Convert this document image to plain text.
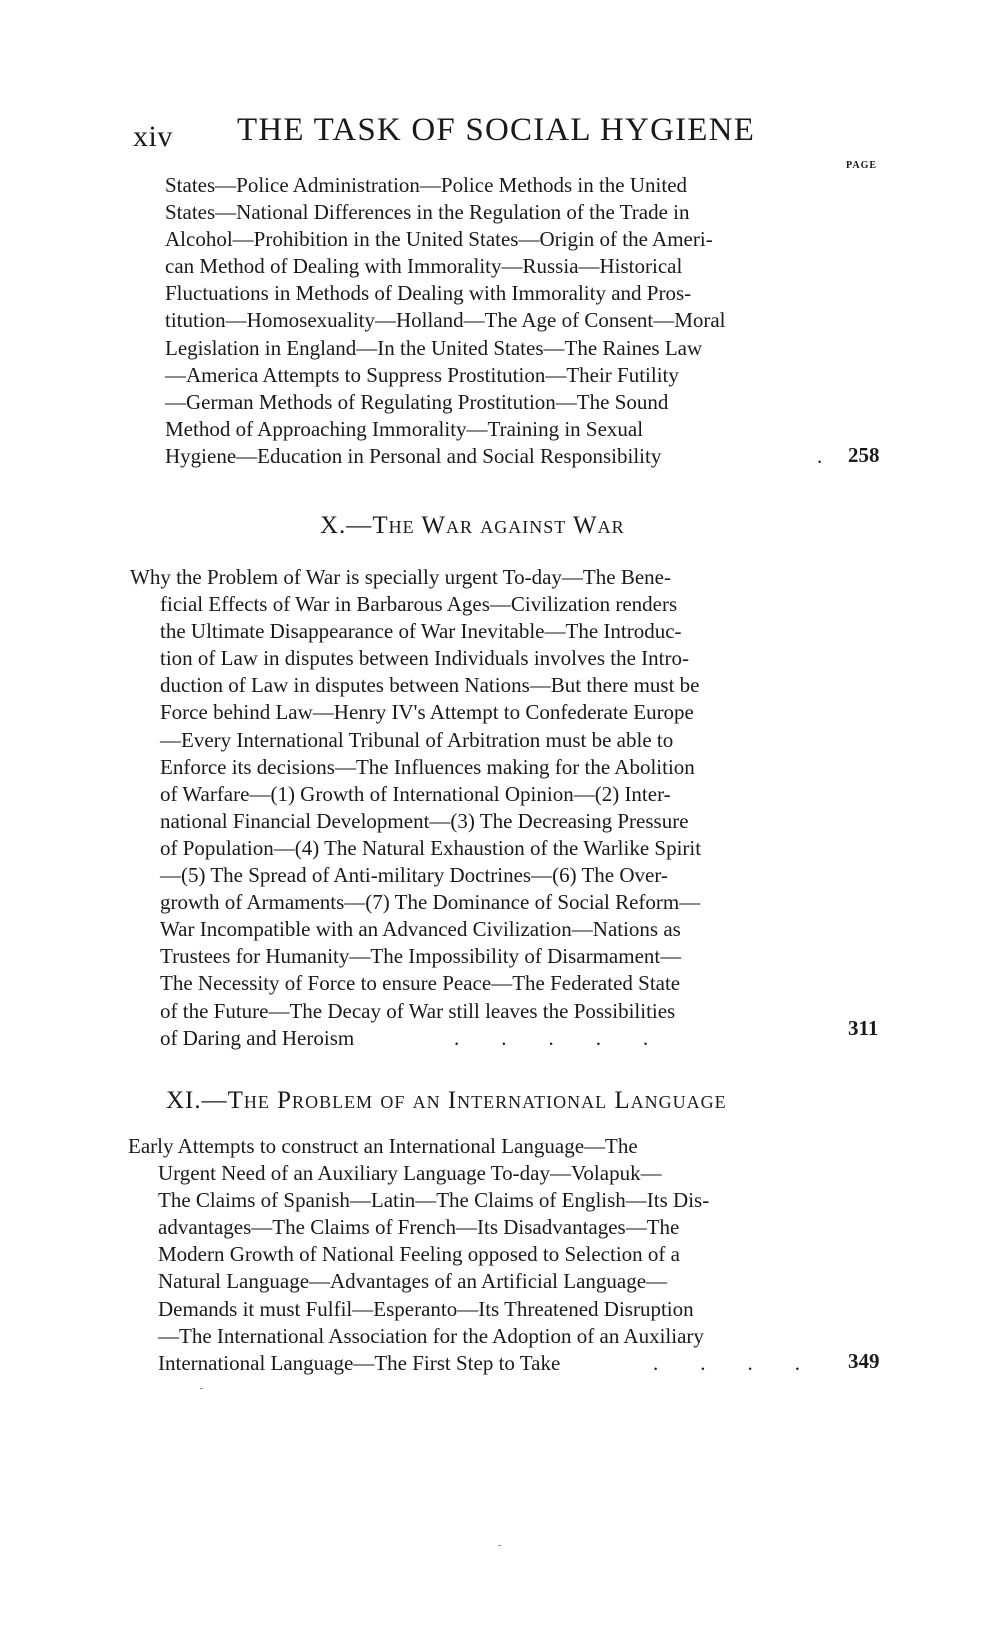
xiv THE TASK OF SOCIAL HYGIENE
PAGE

States—Police Administration—Police Methods in the United
States—National Differences in the Regulation of the Trade in
Alcohol—Prohibition in the United States—Origin of the Ameri-
can Method of Dealing with Immorality—Russia—Historical
Fluctuations in Methods of Dealing with Immorality and Pros-
titution—Homosexuality—Holland—The Age of Consent—Moral
Legislation in England—In the United States—The Raines Law
—America Attempts to Suppress Prostitution—Their Futility
—German Methods of Regulating Prostitution—The Sound
Method of Approaching Immorality—Training in Sexual
Hygiene—Education in Personal and Social Responsibility	. 258
X.—The War against War

Why the Problem of War is specially urgent To-day—The Bene-
ficial Effects of War in Barbarous Ages—Civilization renders
the Ultimate Disappearance of War Inevitable—The Introduc-
tion of Law in disputes between Individuals involves the Intro-
duction of Law in disputes between Nations—But there must be
Force behind Law—Henry IV's Attempt to Confederate Europe
—Every International Tribunal of Arbitration must be able to
Enforce its decisions—The Influences making for the Abolition
of Warfare—(1) Growth of International Opinion—(2) Inter-
national Financial Development—(3) The Decreasing Pressure
of Population—(4) The Natural Exhaustion of the Warlike Spirit
—(5) The Spread of Anti-military Doctrines—(6) The Over-
growth of Armaments—(7) The Dominance of Social Reform—
War Incompatible with an Advanced Civilization—Nations as
Trustees for Humanity—The Impossibility of Disarmament—
The Necessity of Force to ensure Peace—The Federated State
of the Future—The Decay of War still leaves the Possibilities
of Daring and Heroism	.        .        .        .        .	311
XI.—The Problem of an International Language

Early Attempts to construct an International Language—The
Urgent Need of an Auxiliary Language To-day—Volapuk—
The Claims of Spanish—Latin—The Claims of English—Its Dis-
advantages—The Claims of French—Its Disadvantages—The
Modern Growth of National Feeling opposed to Selection of a
Natural Language—Advantages of an Artificial Language—
Demands it must Fulfil—Esperanto—Its Threatened Disruption
—The International Association for the Adoption of an Auxiliary
International Language—The First Step to Take	.        .        .        . 349
